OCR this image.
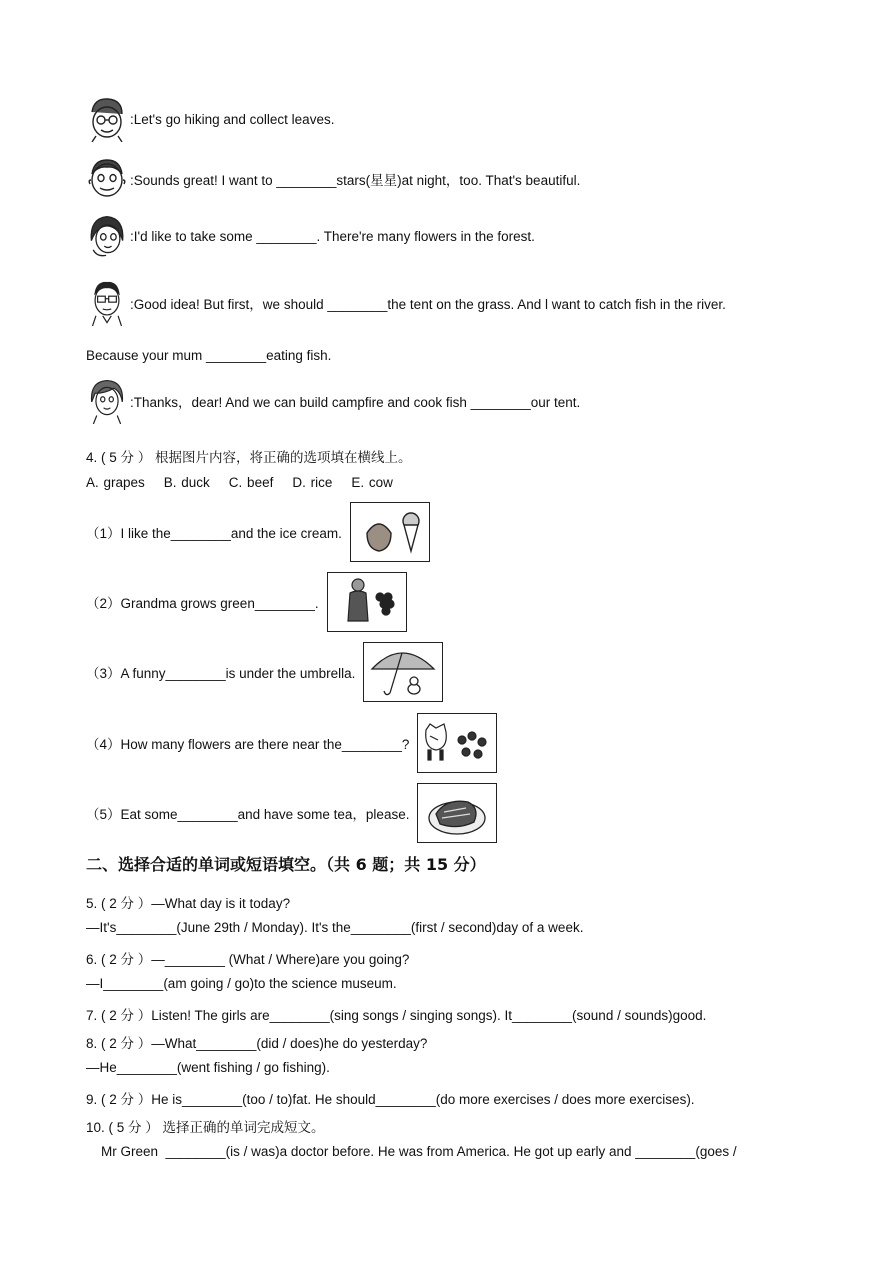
:Let's go hiking and collect leaves.
:Sounds great! I want to ________stars(星星)at night，too. That's beautiful.
:I'd like to take some ________. There're many flowers in the forest.
:Good idea! But first，we should ________the tent on the grass. And l want to catch fish in the river.
Because your mum ________eating fish.
:Thanks，dear! And we can build campfire and cook fish ________our tent.
4. ( 5 分 ） 根据图片内容，将正确的选项填在横线上。
A. grapes    B. duck    C. beef    D. rice    E. cow
（1）I like the________and the ice cream.
（2）Grandma grows green________.
（3）A funny________is under the umbrella.
（4）How many flowers are there near the________?
（5）Eat some________and have some tea，please.
二、选择合适的单词或短语填空。（共 6 题；共 15 分）
5. ( 2 分 ）—What day is it today?
—It's________(June 29th / Monday). It's the________(first / second)day of a week.
6. ( 2 分 ）—________ (What / Where)are you going?
—I________(am going / go)to the science museum.
7. ( 2 分 ）Listen! The girls are________(sing songs / singing songs). It________(sound / sounds)good.
8. ( 2 分 ）—What________(did / does)he do yesterday?
—He________(went fishing / go fishing).
9. ( 2 分 ）He is________(too / to)fat. He should________(do more exercises / does more exercises).
10. ( 5 分 ） 选择正确的单词完成短文。
Mr Green  ________(is / was)a doctor before. He was from America. He got up early and ________(goes /
